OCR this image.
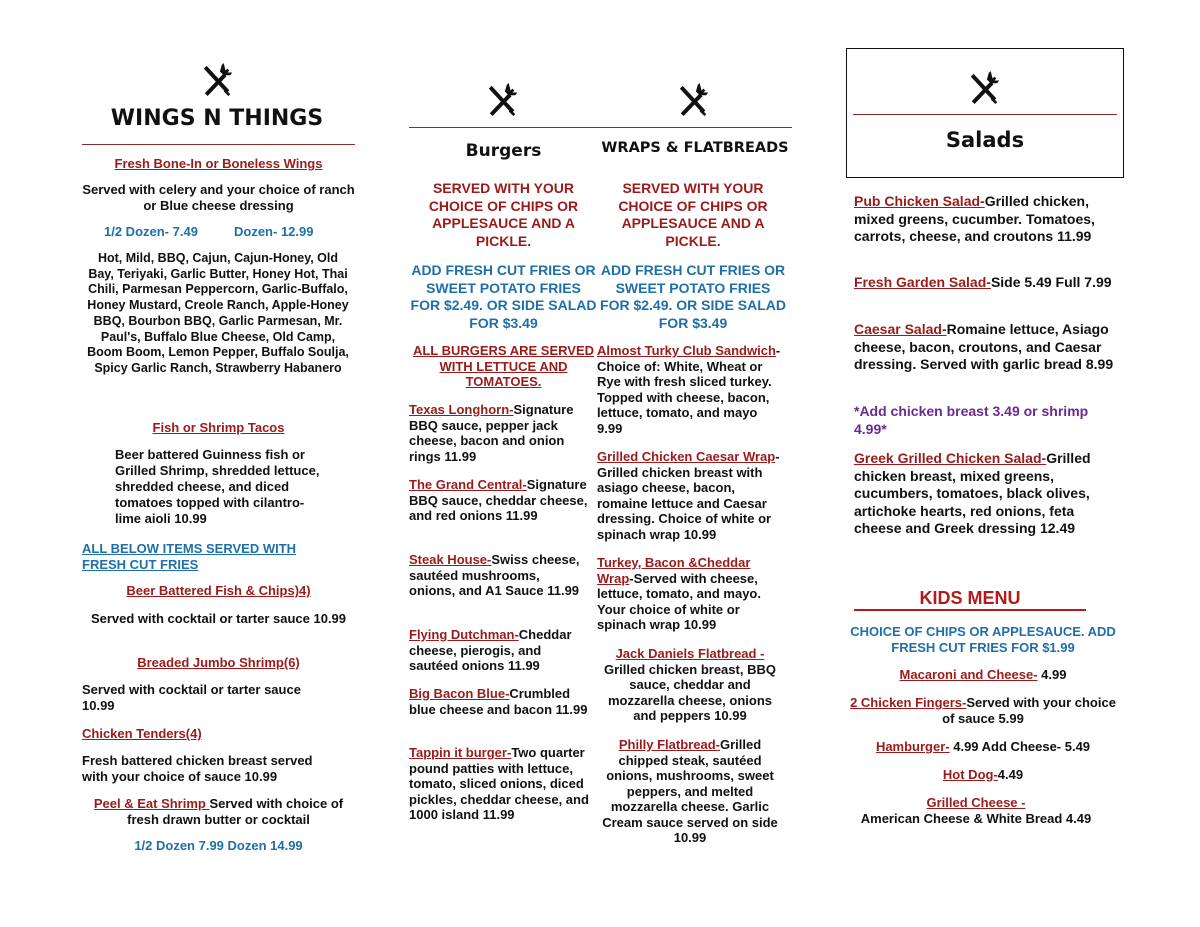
WINGS N THINGS
Fresh Bone-In or Boneless Wings
Served with celery and your choice of ranch or Blue cheese dressing
1/2 Dozen- 7.49	Dozen- 12.99
Hot, Mild, BBQ, Cajun, Cajun-Honey, Old Bay, Teriyaki, Garlic Butter, Honey Hot, Thai Chili, Parmesan Peppercorn, Garlic-Buffalo, Honey Mustard, Creole Ranch, Apple-Honey BBQ, Bourbon BBQ, Garlic Parmesan, Mr. Paul's, Buffalo Blue Cheese, Old Camp, Boom Boom, Lemon Pepper, Buffalo Soulja, Spicy Garlic Ranch, Strawberry Habanero
Fish or Shrimp Tacos
Beer battered Guinness fish or Grilled Shrimp, shredded lettuce, shredded cheese, and diced tomatoes topped with cilantro-lime aioli 10.99
ALL BELOW ITEMS SERVED WITH FRESH CUT FRIES
Beer Battered Fish & Chips)4)
Served with cocktail or tarter sauce 10.99
Breaded Jumbo Shrimp(6)
Served with cocktail or tarter sauce 10.99
Chicken Tenders(4)
Fresh battered chicken breast served with your choice of sauce 10.99
Peel & Eat Shrimp Served with choice of fresh drawn butter or cocktail
1/2 Dozen 7.99 Dozen 14.99
Burgers
SERVED WITH YOUR CHOICE OF CHIPS OR APPLESAUCE AND A PICKLE.
ADD FRESH CUT FRIES OR SWEET POTATO FRIES FOR $2.49. OR SIDE SALAD FOR $3.49
ALL BURGERS ARE SERVED WITH LETTUCE AND TOMATOES.
Texas Longhorn-Signature BBQ sauce, pepper jack cheese, bacon and onion rings 11.99
The Grand Central-Signature BBQ sauce, cheddar cheese, and red onions 11.99
Steak House-Swiss cheese, sautéed mushrooms, onions, and A1 Sauce 11.99
Flying Dutchman-Cheddar cheese, pierogis, and sautéed onions 11.99
Big Bacon Blue-Crumbled blue cheese and bacon 11.99
Tappin it burger-Two quarter pound patties with lettuce, tomato, sliced onions, diced pickles, cheddar cheese, and 1000 island 11.99
WRAPS & FLATBREADS
SERVED WITH YOUR CHOICE OF CHIPS OR APPLESAUCE AND A PICKLE.
ADD FRESH CUT FRIES OR SWEET POTATO FRIES FOR $2.49. OR SIDE SALAD FOR $3.49
Almost Turky Club Sandwich- Choice of: White, Wheat or Rye with fresh sliced turkey. Topped with cheese, bacon, lettuce, tomato, and mayo 9.99
Grilled Chicken Caesar Wrap-Grilled chicken breast with asiago cheese, bacon, romaine lettuce and Caesar dressing. Choice of white or spinach wrap 10.99
Turkey, Bacon &Cheddar Wrap-Served with cheese, lettuce, tomato, and mayo. Your choice of white or spinach wrap 10.99
Jack Daniels Flatbread -
Grilled chicken breast, BBQ sauce, cheddar and mozzarella cheese, onions and peppers 10.99
Philly Flatbread-Grilled chipped steak, sautéed onions, mushrooms, sweet peppers, and melted mozzarella cheese. Garlic Cream sauce served on side 10.99
Salads
Pub Chicken Salad-Grilled chicken, mixed greens, cucumber. Tomatoes, carrots, cheese, and croutons 11.99
Fresh Garden Salad-Side 5.49 Full 7.99
Caesar Salad-Romaine lettuce, Asiago cheese, bacon, croutons, and Caesar dressing. Served with garlic bread 8.99
*Add chicken breast 3.49 or shrimp 4.99*
Greek Grilled Chicken Salad-Grilled chicken breast, mixed greens, cucumbers, tomatoes, black olives, artichoke hearts, red onions, feta cheese and Greek dressing 12.49
KIDS MENU
CHOICE OF CHIPS OR APPLESAUCE. ADD FRESH CUT FRIES FOR $1.99
Macaroni and Cheese- 4.99
2 Chicken Fingers-Served with your choice of sauce 5.99
Hamburger- 4.99 Add Cheese- 5.49
Hot Dog-4.49
Grilled Cheese -
American Cheese & White Bread 4.49
